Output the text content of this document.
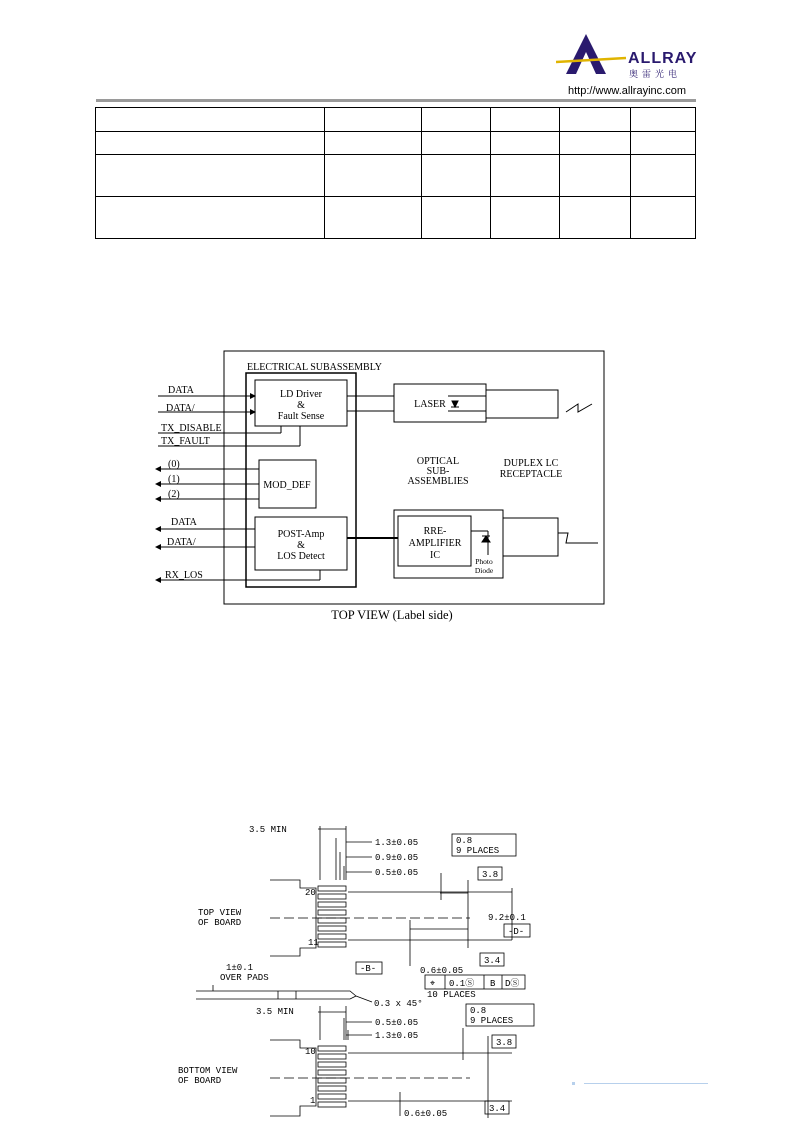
ALLRAY
奥雷光电
http://www.allrayinc.com

ELECTRICAL SUBASSEMBLY
LD Driver
&
Fault Sense
MOD_DEF
POST-Amp
&
LOS Detect
LASER
RRE-
AMPLIFIER
IC
Photo
Diode
OPTICAL
SUB-
ASSEMBLIES
DUPLEX LC
RECEPTACLE
DATA
DATA/
TX_DISABLE
TX_FAULT
(0)
(1)
(2)
DATA
DATA/
RX_LOS
TOP VIEW (Label side)
3.5 MIN
1.3±0.05
0.9±0.05
0.5±0.05
0.8
9 PLACES
TOP VIEW
OF BOARD
20
11
3.8
3.4
9.2±0.1
-D-
-B-	0.6±0.05
⌖ 0.1Ⓢ B DⓈ
10 PLACES
1±0.1
OVER PADS
0.3 x 45°
3.5 MIN
0.5±0.05
1.3±0.05
0.8
9 PLACES
BOTTOM VIEW
OF BOARD
10
1
3.8
3.4
0.6±0.05
